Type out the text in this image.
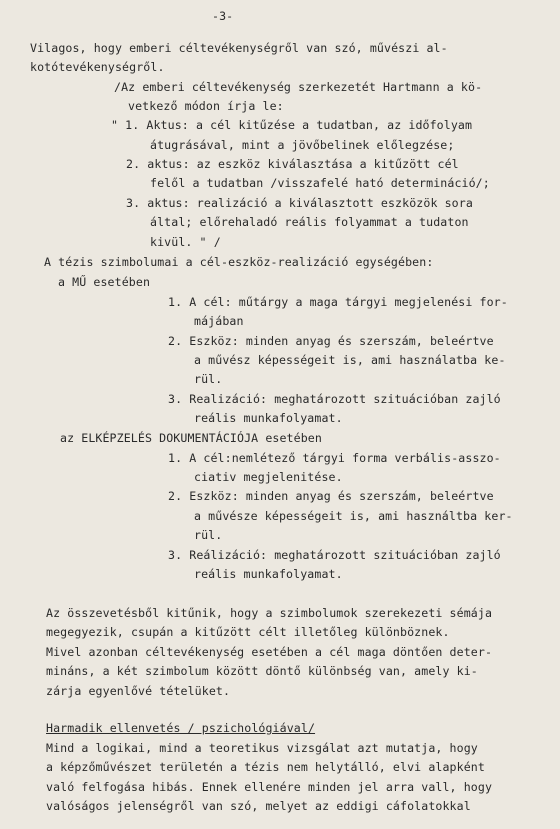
-3-
Vilagos, hogy emberi céltevékenységről van szó, művészi al-
kotótevékenységről.
/Az emberi céltevékenység szerkezetét Hartmann a kö-
vetkező módon írja le:
" 1. Aktus: a cél kitűzése a tudatban, az időfolyam
átugrásával, mint a jövőbelinek előlegzése;
2. aktus: az eszköz kiválasztása a kitűzött cél
felől a tudatban /visszafelé ható determináció/;
3. aktus: realizáció a kiválasztott eszközök sora
által; előrehaladó reális folyammat a tudaton
kivül. " /
A tézis szimbolumai a cél-eszköz-realizáció egységében:
a MŰ esetében
1. A cél: műtárgy a maga tárgyi megjelenési for-
májában
2. Eszköz: minden anyag és szerszám, beleértve
a művész képességeit is, ami használatba ke-
rül.
3. Realizáció: meghatározott szituációban zajló
reális munkafolyamat.
az ELKÉPZELÉS DOKUMENTÁCIÓJA esetében
1. A cél:nemlétező tárgyi forma verbális-asszo-
ciativ megjelenitése.
2. Eszköz: minden anyag és szerszám, beleértve
a művésze képességeit is, ami használtba ker-
rül.
3. Reálizáció: meghatározott szituációban zajló
reális munkafolyamat.
Az összevetésből kitűnik, hogy a szimbolumok szerekezeti sémája
megegyezik, csupán a kitűzött célt illetőleg különböznek.
Mivel azonban céltevékenység esetében a cél maga döntően deter-
mináns, a két szimbolum között döntő különbség van, amely ki-
zárja egyenlővé tételüket.
Harmadik ellenvetés / pszichológiával/
Mind a logikai, mind a teoretikus vizsgálat azt mutatja, hogy
a képzőművészet területén a tézis nem helytálló, elvi alapként
való felfogása hibás. Ennek ellenére minden jel arra vall, hogy
valóságos jelenségről van szó, melyet az eddigi cáfolatokkal
